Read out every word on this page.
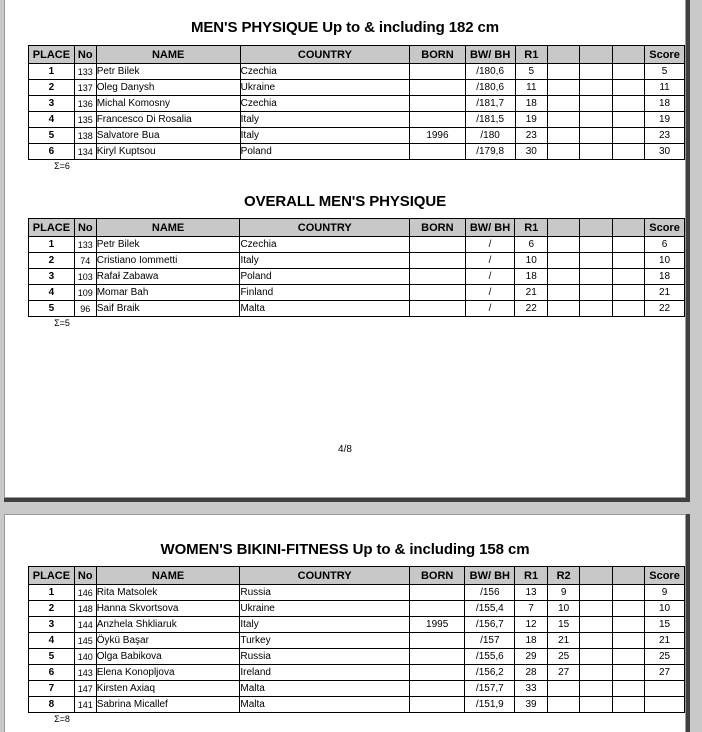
MEN'S PHYSIQUE Up to & including 182 cm
PLACE	No	NAME	COUNTRY	BORN	BW/ BH	R1				Score
1	133	Petr Bilek	Czechia		/180,6	5				5
2	137	Oleg Danysh	Ukraine		/180,6	11				11
3	136	Michal Komosny	Czechia		/181,7	18				18
4	135	Francesco Di Rosalia	Italy		/181,5	19				19
5	138	Salvatore Bua	Italy	1996	/180	23				23
6	134	Kiryl Kuptsou	Poland		/179,8	30				30
Σ=6
OVERALL MEN'S PHYSIQUE
PLACE	No	NAME	COUNTRY	BORN	BW/ BH	R1				Score
1	133	Petr Bilek	Czechia		/	6				6
2	74	Cristiano Iommetti	Italy		/	10				10
3	103	Rafał Zabawa	Poland		/	18				18
4	109	Momar Bah	Finland		/	21				21
5	96	Saif Braik	Malta		/	22				22
Σ=5
4/8
WOMEN'S BIKINI-FITNESS Up to & including 158 cm
PLACE	No	NAME	COUNTRY	BORN	BW/ BH	R1	R2			Score
1	146	Rita Matsolek	Russia		/156	13	9			9
2	148	Hanna Skvortsova	Ukraine		/155,4	7	10			10
3	144	Anzhela Shkliaruk	Italy	1995	/156,7	12	15			15
4	145	Öykü Başar	Turkey		/157	18	21			21
5	140	Olga Babikova	Russia		/155,6	29	25			25
6	143	Elena Konopljova	Ireland		/156,2	28	27			27
7	147	Kirsten Axiaq	Malta		/157,7	33				
8	141	Sabrina Micallef	Malta		/151,9	39				
Σ=8
